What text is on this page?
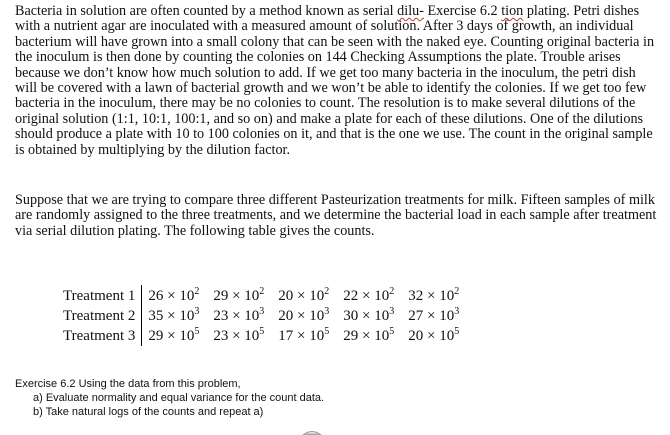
Bacteria in solution are often counted by a method known as serial dilu- Exercise 6.2 tion plating. Petri dishes with a nutrient agar are inoculated with a measured amount of solution. After 3 days of growth, an individual bacterium will have grown into a small colony that can be seen with the naked eye. Counting original bacteria in the inoculum is then done by counting the colonies on 144 Checking Assumptions the plate. Trouble arises because we don’t know how much solution to add. If we get too many bacteria in the inoculum, the petri dish will be covered with a lawn of bacterial growth and we won’t be able to identify the colonies. If we get too few bacteria in the inoculum, there may be no colonies to count. The resolution is to make several dilutions of the original solution (1:1, 10:1, 100:1, and so on) and make a plate for each of these dilutions. One of the dilutions should produce a plate with 10 to 100 colonies on it, and that is the one we use. The count in the original sample is obtained by multiplying by the dilution factor.

Suppose that we are trying to compare three different Pasteurization treatments for milk. Fifteen samples of milk are randomly assigned to the three treatments, and we determine the bacterial load in each sample after treatment via serial dilution plating. The following table gives the counts.

Treatment 1	$26 \times 10^2$	$29 \times 10^2$	$20 \times 10^2$	$22 \times 10^2$	$32 \times 10^2$
Treatment 2	$35 \times 10^3$	$23 \times 10^3$	$20 \times 10^3$	$30 \times 10^3$	$27 \times 10^3$
Treatment 3	$29 \times 10^5$	$23 \times 10^5$	$17 \times 10^5$	$29 \times 10^5$	$20 \times 10^5$
Exercise 6.2 Using the data from this problem,
a) Evaluate normality and equal variance for the count data.
b) Take natural logs of the counts and repeat a)
